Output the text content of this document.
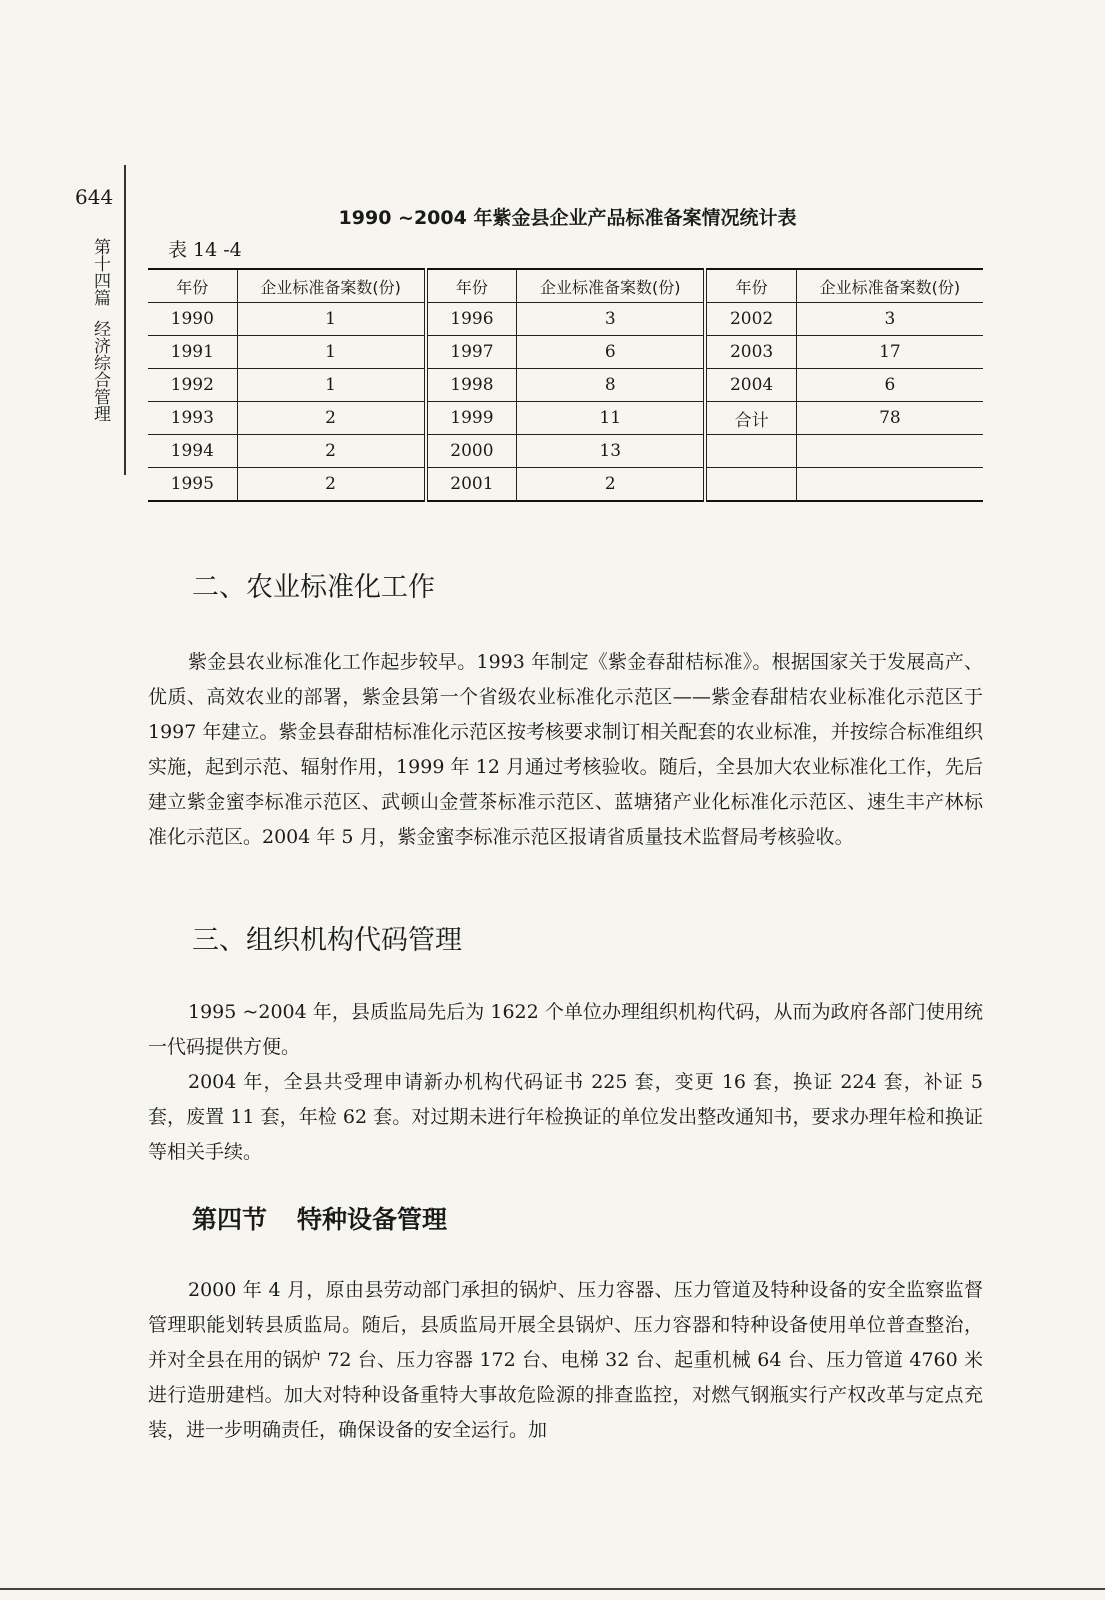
644
第十四篇经济综合管理
1990 ~2004 年紫金县企业产品标准备案情况统计表
表 14 -4
年份	企业标准备案数(份)	年份	企业标准备案数(份)	年份	企业标准备案数(份)
1990	1	1996	3	2002	3
1991	1	1997	6	2003	17
1992	1	1998	8	2004	6
1993	2	1999	11	合计	78
1994	2	2000	13		
1995	2	2001	2		
二、农业标准化工作

紫金县农业标准化工作起步较早。1993 年制定《紫金春甜桔标准》。根据国家关于发展高产、优质、高效农业的部署，紫金县第一个省级农业标准化示范区——紫金春甜桔农业标准化示范区于 1997 年建立。紫金县春甜桔标准化示范区按考核要求制订相关配套的农业标准，并按综合标准组织实施，起到示范、辐射作用，1999 年 12 月通过考核验收。随后，全县加大农业标准化工作，先后建立紫金蜜李标准示范区、武顿山金萱茶标准示范区、蓝塘猪产业化标准化示范区、速生丰产林标准化示范区。2004 年 5 月，紫金蜜李标准示范区报请省质量技术监督局考核验收。

三、组织机构代码管理

1995 ~2004 年，县质监局先后为 1622 个单位办理组织机构代码，从而为政府各部门使用统一代码提供方便。

2004 年，全县共受理申请新办机构代码证书 225 套，变更 16 套，换证 224 套，补证 5 套，废置 11 套，年检 62 套。对过期未进行年检换证的单位发出整改通知书，要求办理年检和换证等相关手续。

第四节 特种设备管理

2000 年 4 月，原由县劳动部门承担的锅炉、压力容器、压力管道及特种设备的安全监察监督管理职能划转县质监局。随后，县质监局开展全县锅炉、压力容器和特种设备使用单位普查整治，并对全县在用的锅炉 72 台、压力容器 172 台、电梯 32 台、起重机械 64 台、压力管道 4760 米进行造册建档。加大对特种设备重特大事故危险源的排查监控，对燃气钢瓶实行产权改革与定点充装，进一步明确责任，确保设备的安全运行。加
